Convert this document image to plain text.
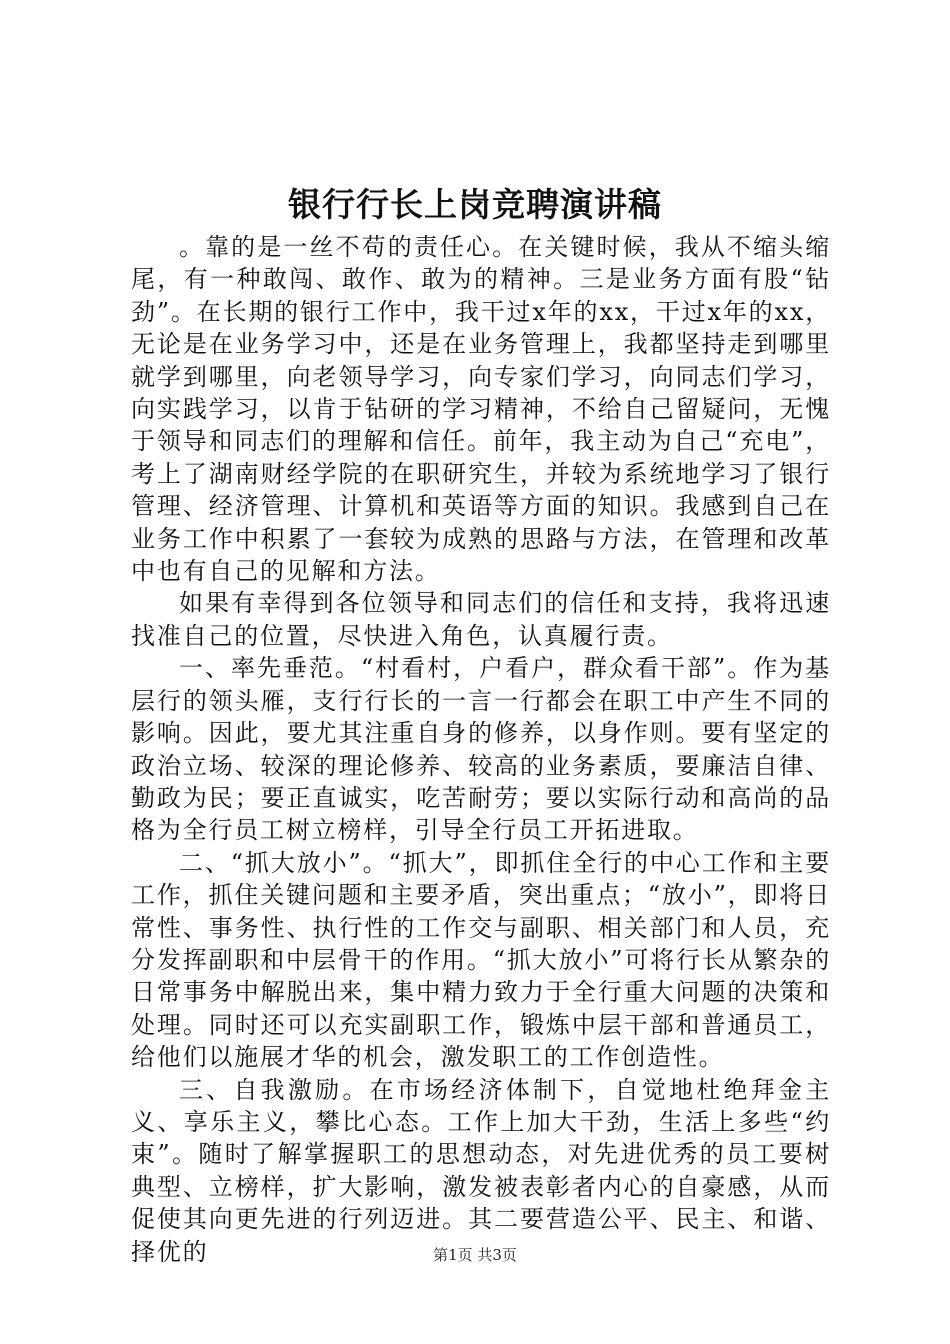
银行行长上岗竞聘演讲稿

。靠的是一丝不苟的责任心。在关键时候，我从不缩头缩尾，有一种敢闯、敢作、敢为的精神。三是业务方面有股“钻劲”。在长期的银行工作中，我干过x年的xx，干过x年的xx，无论是在业务学习中，还是在业务管理上，我都坚持走到哪里就学到哪里，向老领导学习，向专家们学习，向同志们学习，向实践学习，以肯于钻研的学习精神，不给自己留疑问，无愧于领导和同志们的理解和信任。前年，我主动为自己“充电”，考上了湖南财经学院的在职研究生，并较为系统地学习了银行管理、经济管理、计算机和英语等方面的知识。我感到自己在业务工作中积累了一套较为成熟的思路与方法，在管理和改革中也有自己的见解和方法。

如果有幸得到各位领导和同志们的信任和支持，我将迅速找准自己的位置，尽快进入角色，认真履行责。

一、率先垂范。“村看村，户看户，群众看干部”。作为基层行的领头雁，支行行长的一言一行都会在职工中产生不同的影响。因此，要尤其注重自身的修养，以身作则。要有坚定的政治立场、较深的理论修养、较高的业务素质，要廉洁自律、勤政为民；要正直诚实，吃苦耐劳；要以实际行动和高尚的品格为全行员工树立榜样，引导全行员工开拓进取。

二、“抓大放小”。“抓大”，即抓住全行的中心工作和主要工作，抓住关键问题和主要矛盾，突出重点；“放小”，即将日常性、事务性、执行性的工作交与副职、相关部门和人员，充分发挥副职和中层骨干的作用。“抓大放小”可将行长从繁杂的日常事务中解脱出来，集中精力致力于全行重大问题的决策和处理。同时还可以充实副职工作，锻炼中层干部和普通员工，给他们以施展才华的机会，激发职工的工作创造性。

三、自我激励。在市场经济体制下，自觉地杜绝拜金主义、享乐主义，攀比心态。工作上加大干劲，生活上多些“约束”。随时了解掌握职工的思想动态，对先进优秀的员工要树典型、立榜样，扩大影响，激发被表彰者内心的自豪感，从而促使其向更先进的行列迈进。其二要营造公平、民主、和谐、择优的	第1页 共3页
